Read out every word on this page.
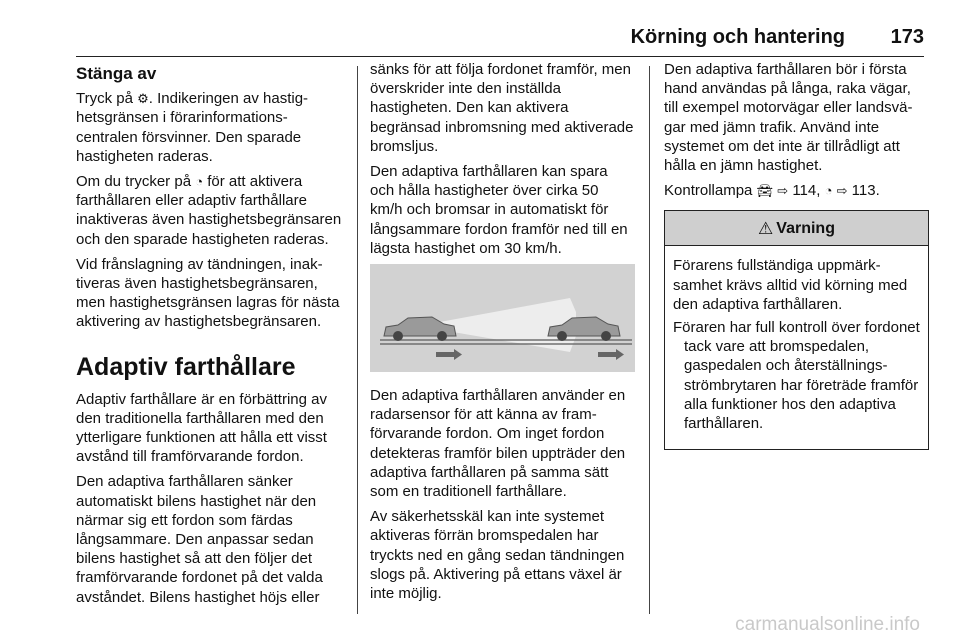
Körning och hantering 173
Stänga av

Tryck på ⚙︎. Indikeringen av hastighetsgränsen i förarinformationscentralen försvinner. Den sparade hastigheten raderas.

Om du trycker på ◔ för att aktivera farthållaren eller adaptiv farthållare inaktiveras även hastighetsbegränsaren och den sparade hastigheten raderas.

Vid frånslagning av tändningen, inaktiveras även hastighetsbegränsaren, men hastighetsgränsen lagras för nästa aktivering av hastighetsbegränsaren.

Adaptiv farthållare

Adaptiv farthållare är en förbättring av den traditionella farthållaren med den ytterligare funktionen att hålla ett visst avstånd till framförvarande fordon.

Den adaptiva farthållaren sänker automatiskt bilens hastighet när den närmar sig ett fordon som färdas långsammare. Den anpassar sedan bilens hastighet så att den följer det framförvarande fordonet på det valda avståndet. Bilens hastighet höjs eller

sänks för att följa fordonet framför, men överskrider inte den inställda hastigheten. Den kan aktivera begränsad inbromsning med aktiverade bromsljus.

Den adaptiva farthållaren kan spara och hålla hastigheter över cirka 50 km/h och bromsar in automatiskt för långsammare fordon framför ned till en lägsta hastighet om 30 km/h.

Den adaptiva farthållaren använder en radarsensor för att känna av framförvarande fordon. Om inget fordon detekteras framför bilen uppträder den adaptiva farthållaren på samma sätt som en traditionell farthållare.

Av säkerhetsskäl kan inte systemet aktiveras förrän bromspedalen har tryckts ned en gång sedan tändningen slogs på. Aktivering på ettans växel är inte möjlig.

Den adaptiva farthållaren bör i första hand användas på långa, raka vägar, till exempel motorvägar eller landsvägar med jämn trafik. Använd inte systemet om det inte är tillrådligt att hålla en jämn hastighet.

Kontrollampa 🚘︎ ⇨ 114, ◔ ⇨ 113.

⚠︎ Varning

Förarens fullständiga uppmärksamhet krävs alltid vid körning med den adaptiva farthållaren.

Föraren har full kontroll över fordonet tack vare att bromspedalen, gaspedalen och återställningsströmbrytaren har företräde framför alla funktioner hos den adaptiva farthållaren.

carmanualsonline.info
